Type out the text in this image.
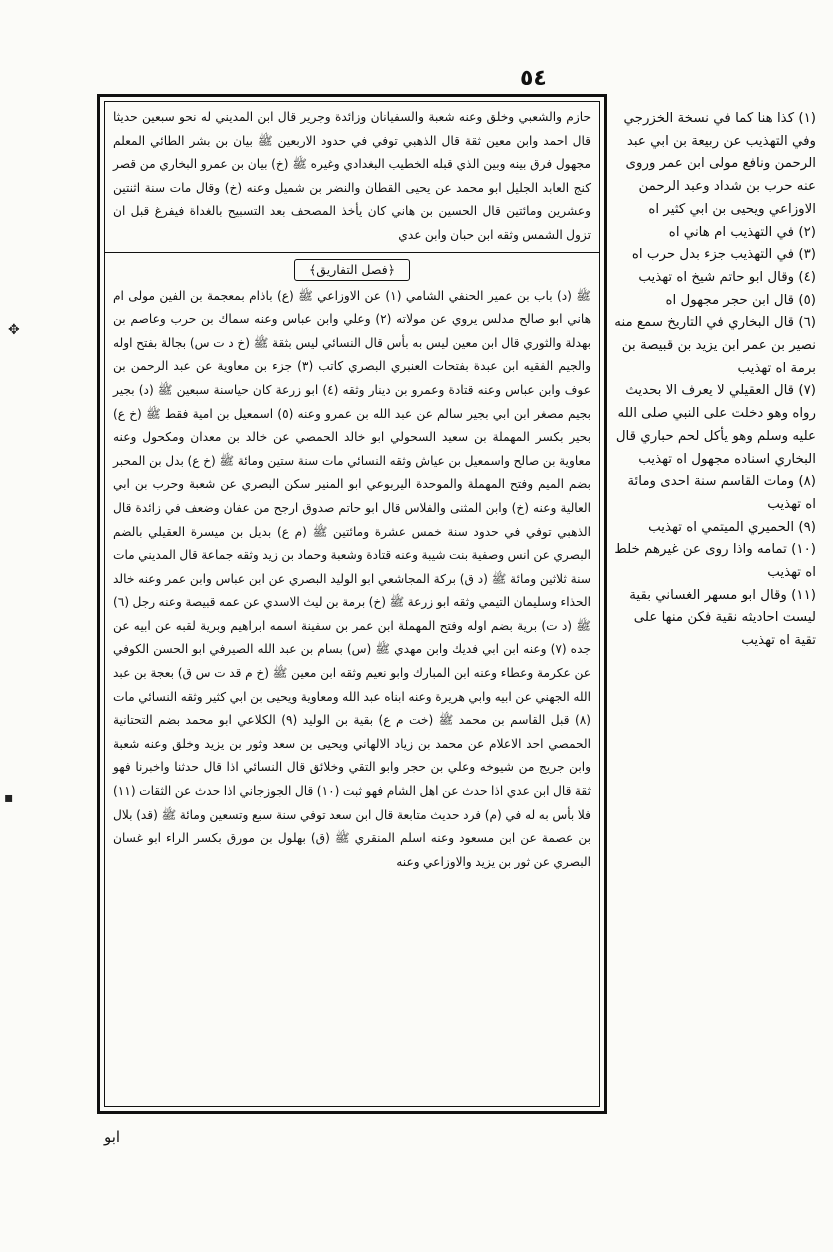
٥٤

حازم والشعبي وخلق وعنه شعبة والسفيانان وزائدة وجرير قال ابن المديني له نحو سبعين حديثا قال احمد وابن معين ثقة قال الذهبي توفي في حدود الاربعين ﷺ بيان بن بشر الطائي المعلم مجهول فرق بينه وبين الذي قبله الخطيب البغدادي وغيره ﷺ (خ) بيان بن عمرو البخاري من قصر كنج العابد الجليل ابو محمد عن يحيى القطان والنضر بن شميل وعنه (خ) وقال مات سنة اثنتين وعشرين ومائتين قال الحسين بن هاني كان يأخذ المصحف بعد التسبيح بالغداة فيفرغ قبل ان تزول الشمس وثقه ابن حبان وابن عدي

﴿فصل التفاريق﴾

ﷺ (د) باب بن عمير الحنفي الشامي (١) عن الاوزاعي ﷺ (ع) باذام بمعجمة بن الفين مولى ام هاني ابو صالح مدلس يروي عن مولاته (٢) وعلي وابن عباس وعنه سماك بن حرب وعاصم بن بهدلة والثوري قال ابن معين ليس به بأس قال النسائي ليس بثقة ﷺ (خ د ت س) بجالة بفتح اوله والجيم الفقيه ابن عبدة بفتحات العنبري البصري كاتب (٣) جزء بن معاوية عن عبد الرحمن بن عوف وابن عباس وعنه قتادة وعمرو بن دينار وثقه (٤) ابو زرعة كان حياسنة سبعين ﷺ (د) بجير بجيم مصغر ابن ابي بجير سالم عن عبد الله بن عمرو وعنه (٥) اسمعيل بن امية فقط ﷺ (خ ع) بحير بكسر المهملة بن سعيد السحولي ابو خالد الحمصي عن خالد بن معدان ومكحول وعنه معاوية بن صالح واسمعيل بن عياش وثقه النسائي مات سنة ستين ومائة ﷺ (خ ع) بدل بن المحبر بضم الميم وفتح المهملة والموحدة اليربوعي ابو المنير سكن البصري عن شعبة وحرب بن ابي العالية وعنه (خ) وابن المثنى والفلاس قال ابو حاتم صدوق ارجح من عفان وضعف في زائدة قال الذهبي توفي في حدود سنة خمس عشرة ومائتين ﷺ (م ع) بديل بن ميسرة العقيلي بالضم البصري عن انس وصفية بنت شيبة وعنه قتادة وشعبة وحماد بن زيد وثقه جماعة قال المديني مات سنة ثلاثين ومائة ﷺ (د ق) بركة المجاشعي ابو الوليد البصري عن ابن عباس وابن عمر وعنه خالد الحذاء وسليمان التيمي وثقه ابو زرعة ﷺ (خ) برمة بن ليث الاسدي عن عمه قبيصة وعنه رجل (٦) ﷺ (د ت) برية بضم اوله وفتح المهملة ابن عمر بن سفينة اسمه ابراهيم وبرية لقبه عن ابيه عن جده (٧) وعنه ابن ابي فديك وابن مهدي ﷺ (س) بسام بن عبد الله الصيرفي ابو الحسن الكوفي عن عكرمة وعطاء وعنه ابن المبارك وابو نعيم وثقه ابن معين ﷺ (خ م قد ت س ق) بعجة بن عبد الله الجهني عن ابيه وابي هريرة وعنه ابناه عبد الله ومعاوية ويحيى بن ابي كثير وثقه النسائي مات (٨) قبل القاسم بن محمد ﷺ (خت م ع) بقية بن الوليد (٩) الكلاعي ابو محمد بضم التحتانية الحمصي احد الاعلام عن محمد بن زياد الالهاني ويحيى بن سعد وثور بن يزيد وخلق وعنه شعبة وابن جريج من شيوخه وعلي بن حجر وابو التقي وخلائق قال النسائي اذا قال حدثنا واخبرنا فهو ثقة قال ابن عدي اذا حدث عن اهل الشام فهو ثبت (١٠) قال الجوزجاني اذا حدث عن الثقات (١١) فلا بأس به له في (م) فرد حديث متابعة قال ابن سعد توفي سنة سبع وتسعين ومائة ﷺ (قد) بلال بن عصمة عن ابن مسعود وعنه اسلم المنقري ﷺ (ق) بهلول بن مورق بكسر الراء ابو غسان البصري عن ثور بن يزيد والاوزاعي وعنه

(١) كذا هنا كما في نسخة الخزرجي وفي التهذيب عن ربيعة بن ابي عبد الرحمن ونافع مولى ابن عمر وروى عنه حرب بن شداد وعبد الرحمن الاوزاعي ويحيى بن ابي كثير اه

(٢) في التهذيب ام هاني اه

(٣) في التهذيب جزء بدل حرب اه

(٤) وقال ابو حاتم شيخ اه تهذيب

(٥) قال ابن حجر مجهول اه

(٦) قال البخاري في التاريخ سمع منه نصير بن عمر ابن يزيد بن قبيصة بن برمة اه تهذيب

(٧) قال العقيلي لا يعرف الا بحديث رواه وهو دخلت على النبي صلى الله عليه وسلم وهو يأكل لحم حباري قال البخاري اسناده مجهول اه تهذيب

(٨) ومات القاسم سنة احدى ومائة اه تهذيب

(٩) الحميري الميتمي اه تهذيب

(١٠) تمامه واذا روى عن غيرهم خلط اه تهذيب

(١١) وقال ابو مسهر الغساني بقية ليست احاديثه نقية فكن منها على تقية اه تهذيب

ابو
✥
▪
